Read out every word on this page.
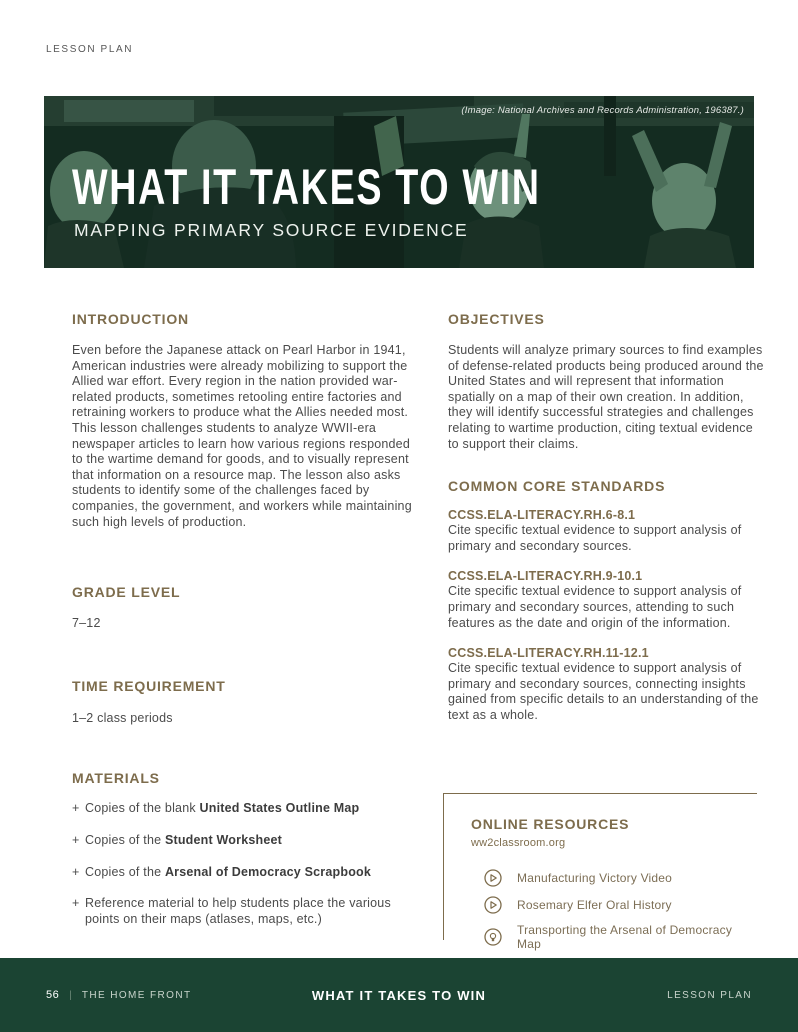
LESSON PLAN
(Image: National Archives and Records Administration, 196387.)
WHAT IT TAKES TO WIN
MAPPING PRIMARY SOURCE EVIDENCE
INTRODUCTION

Even before the Japanese attack on Pearl Harbor in 1941, American industries were already mobilizing to support the Allied war effort. Every region in the nation provided war-related products, sometimes retooling entire factories and retraining workers to produce what the Allies needed most. This lesson challenges students to analyze WWII-era newspaper articles to learn how various regions responded to the wartime demand for goods, and to visually represent that information on a resource map. The lesson also asks students to identify some of the challenges faced by companies, the government, and workers while maintaining such high levels of production.

GRADE LEVEL

7–12

TIME REQUIREMENT

1–2 class periods

MATERIALS
+ Copies of the blank United States Outline Map
+ Copies of the Student Worksheet
+ Copies of the Arsenal of Democracy Scrapbook
+ Reference material to help students place the various points on their maps (atlases, maps, etc.)
OBJECTIVES

Students will analyze primary sources to find examples of defense-related products being produced around the United States and will represent that information spatially on a map of their own creation. In addition, they will identify successful strategies and challenges relating to wartime production, citing textual evidence to support their claims.

COMMON CORE STANDARDS
CCSS.ELA-LITERACY.RH.6-8.1
Cite specific textual evidence to support analysis of primary and secondary sources.
CCSS.ELA-LITERACY.RH.9-10.1
Cite specific textual evidence to support analysis of primary and secondary sources, attending to such features as the date and origin of the information.
CCSS.ELA-LITERACY.RH.11-12.1
Cite specific textual evidence to support analysis of primary and secondary sources, connecting insights gained from specific details to an understanding of the text as a whole.
ONLINE RESOURCES
ww2classroom.org
Manufacturing Victory Video
Rosemary Elfer Oral History
Transporting the Arsenal of Democracy Map
56 | THE HOME FRONT	WHAT IT TAKES TO WIN	LESSON PLAN
